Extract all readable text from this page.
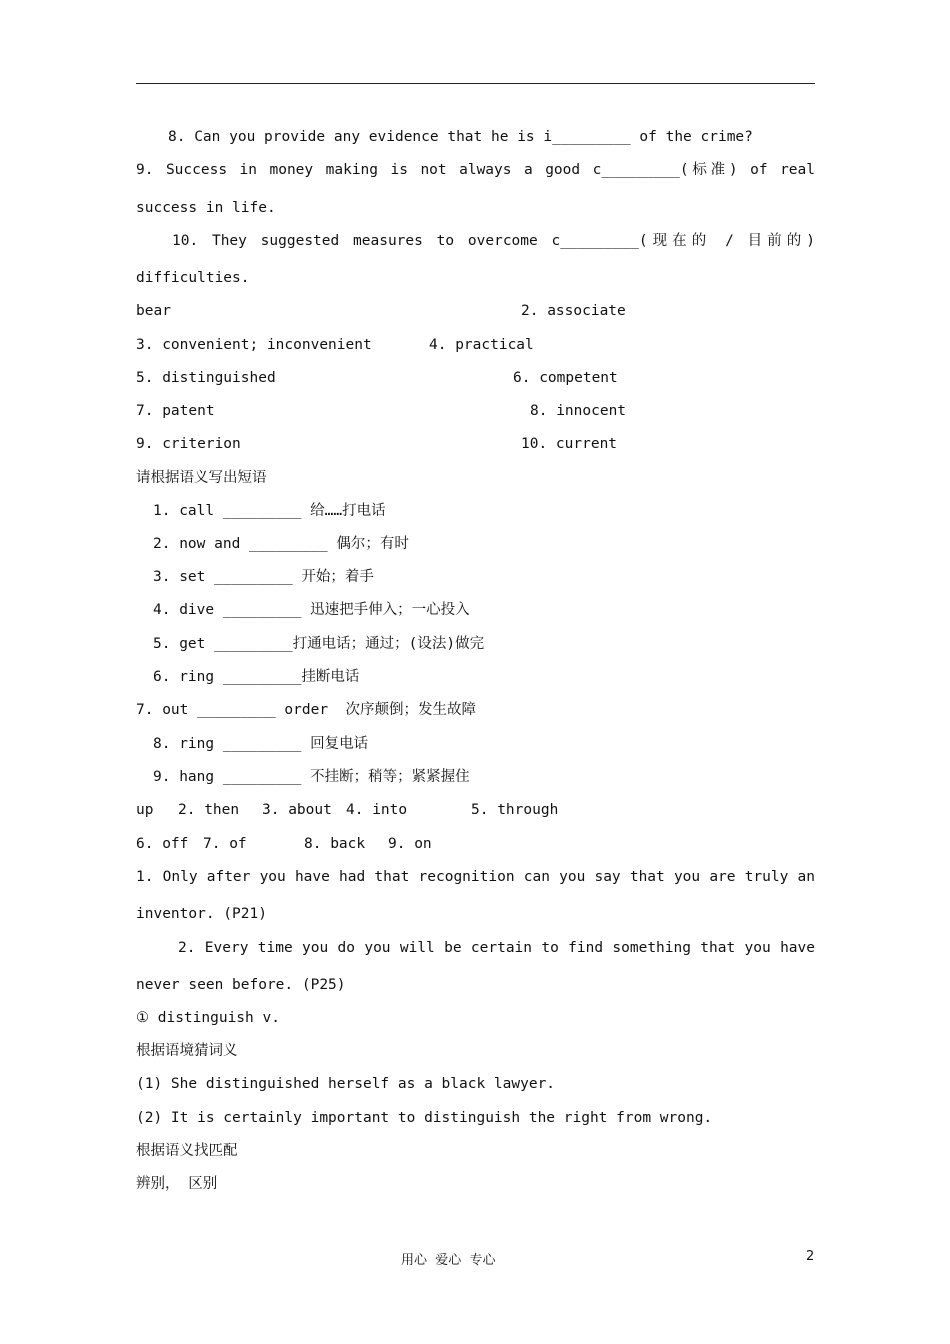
8. Can you provide any evidence that he is i_________ of the crime?
9. Success in money making is not always a good c_________(标准) of real
success in life.
10. They suggested measures to overcome c_________(现在的 / 目前的)
difficulties.
bear	2. associate
3. convenient; inconvenient	4. practical
5. distinguished	6. competent
7. patent	8. innocent
9. criterion	10. current
请根据语义写出短语
1. call _________ 给……打电话
2. now and _________ 偶尔；有时
3. set _________ 开始；着手
4. dive _________ 迅速把手伸入；一心投入
5. get _________打通电话；通过；(设法)做完
6. ring _________挂断电话
7. out _________ order  次序颠倒；发生故障
8. ring _________ 回复电话
9. hang _________ 不挂断；稍等；紧紧握住
up 2. then 3. about 4. into	5. through
6. off 7. of	8. back 9. on
1. Only after you have had that recognition can you say that you are truly an
inventor. (P21)
2. Every time you do you will be certain to find something that you have
never seen before. (P25)
① distinguish v.
根据语境猜词义
(1) She distinguished herself as a black lawyer.
(2) It is certainly important to distinguish the right from wrong.
根据语义找匹配
辨别， 区别
用心  爱心  专心	2
